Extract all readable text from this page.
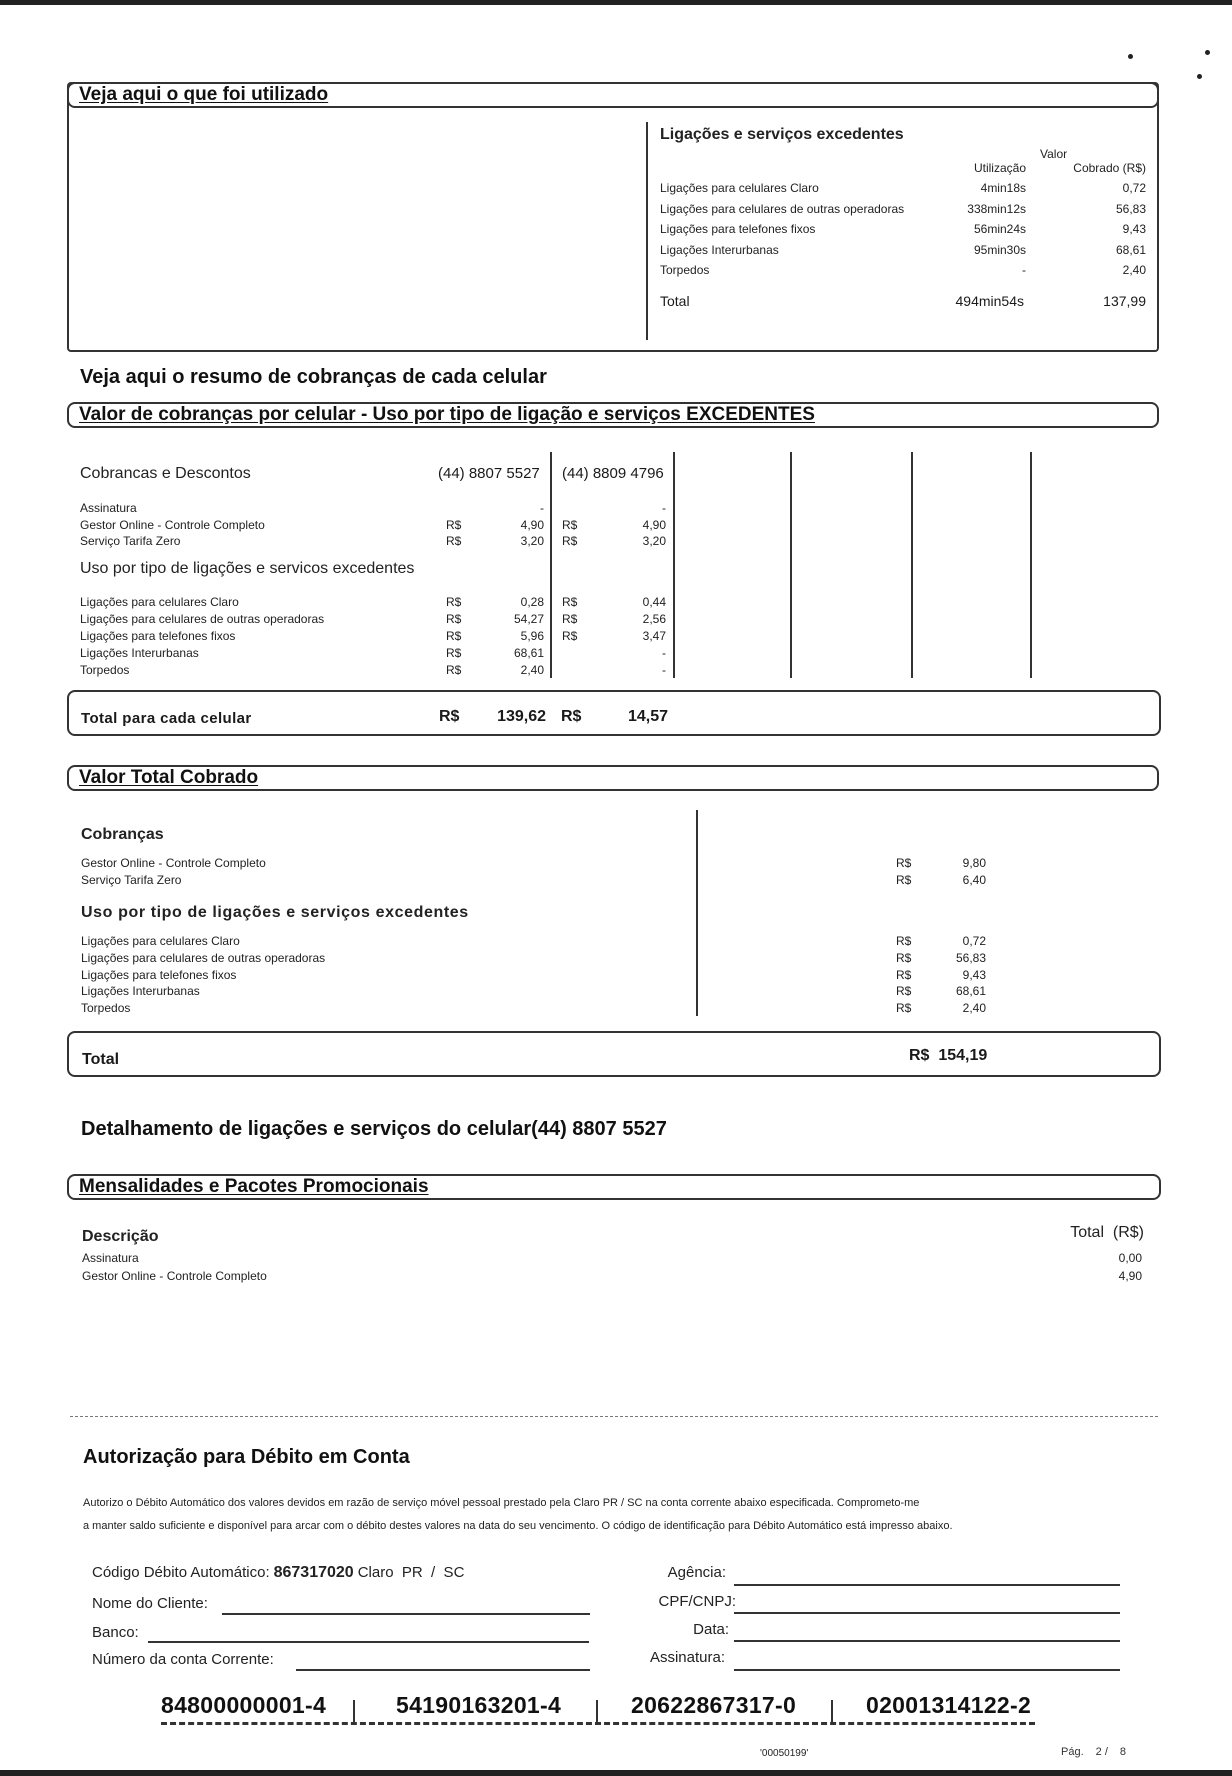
Veja aqui o que foi utilizado
Ligações e serviços excedentes
Utilização
Valor
Cobrado (R$)
Ligações para celulares Claro	4min18s	0,72
Ligações para celulares de outras operadoras	338min12s	56,83
Ligações para telefones fixos	56min24s	9,43
Ligações Interurbanas	95min30s	68,61
Torpedos	-	2,40
Total	494min54s	137,99
Veja aqui o resumo de cobranças de cada celular
Valor de cobranças por celular - Uso por tipo de ligação e serviços EXCEDENTES
Cobrancas e Descontos	(44) 8807 5527 (44) 8809 4796
Assinatura	-	-
Gestor Online - Controle Completo	R$	4,90 R$	4,90
Serviço Tarifa Zero	R$	3,20 R$	3,20
Uso por tipo de ligações e servicos excedentes
Ligações para celulares Claro	R$	0,28 R$	0,44
Ligações para celulares de outras operadoras	R$	54,27 R$	2,56
Ligações para telefones fixos	R$	5,96 R$	3,47
Ligações Interurbanas	R$	68,61	-
Torpedos	R$	2,40	-
Total para cada celular	R$	139,62 R$	14,57
Valor Total Cobrado
Cobranças
Gestor Online - Controle Completo	R$	9,80
Serviço Tarifa Zero	R$	6,40
Uso por tipo de ligações e serviços excedentes
Ligações para celulares Claro	R$	0,72
Ligações para celulares de outras operadoras	R$	56,83
Ligações para telefones fixos	R$	9,43
Ligações Interurbanas	R$	68,61
Torpedos	R$	2,40
Total	R$  154,19
Detalhamento de ligações e serviços do celular(44) 8807 5527
Mensalidades e Pacotes Promocionais
Descrição	Total  (R$)
Assinatura	0,00
Gestor Online - Controle Completo	4,90
Autorização para Débito em Conta
Autorizo o Débito Automático dos valores devidos em razão de serviço móvel pessoal prestado pela Claro PR / SC na conta corrente abaixo especificada. Comprometo-me
a manter saldo suficiente e disponível para arcar com o débito destes valores na data do seu vencimento. O código de identificação para Débito Automático está impresso abaixo.
Código Débito Automático: 867317020 Claro  PR  /  SC
Nome do Cliente:
Banco:
Número da conta Corrente:
Agência:
CPF/CNPJ:
Data:
Assinatura:
84800000001-4	54190163201-4	20622867317-0	02001314122-2
'00050199'	Pág. 2 / 8
